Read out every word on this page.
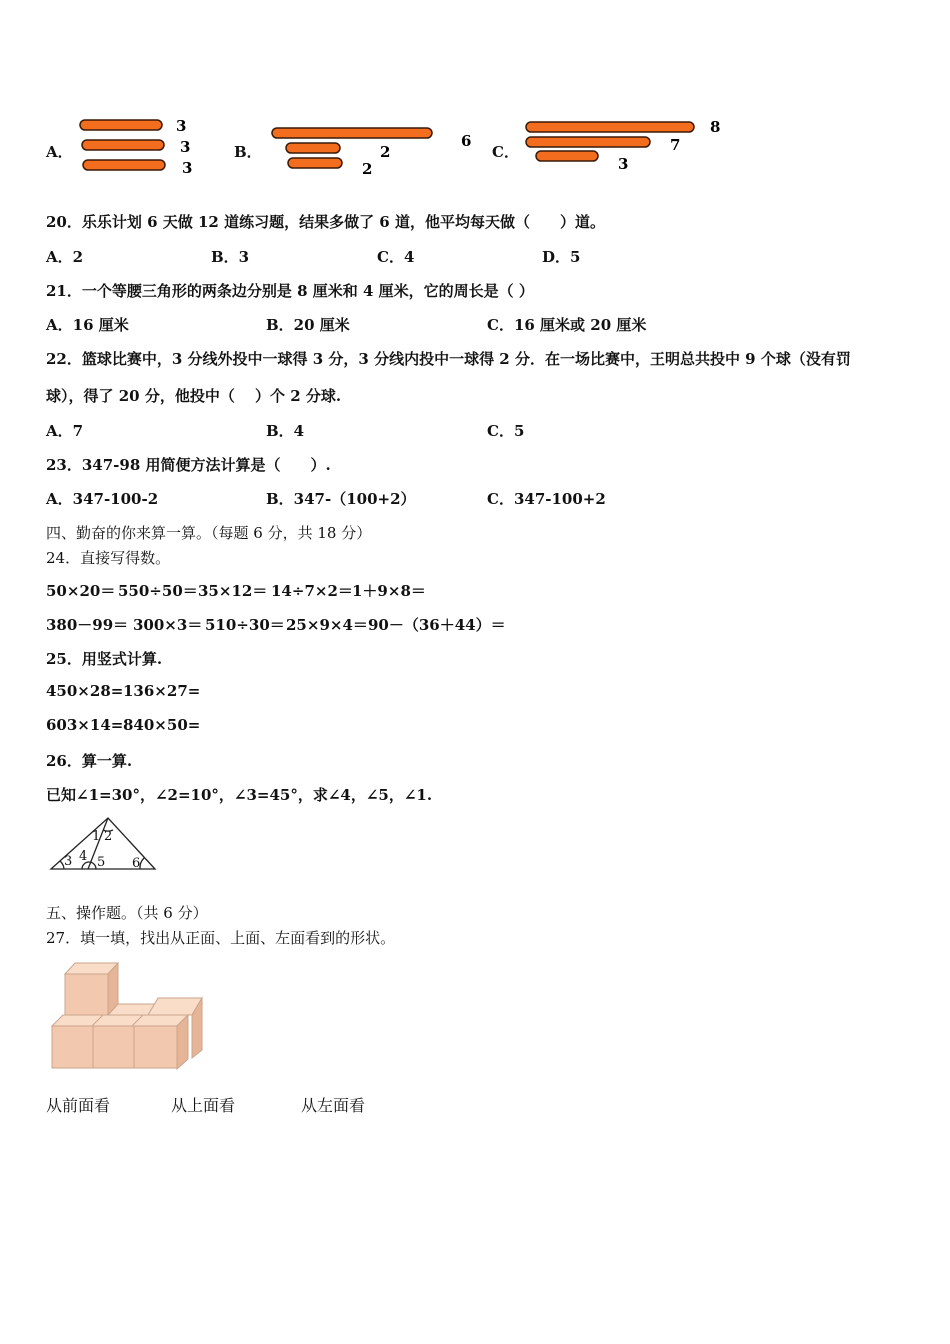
A．
3
3
3
B．
6
2
2
C．
8
7
3
20．乐乐计划 6 天做 12 道练习题，结果多做了 6 道，他平均每天做（　　）道。
A．2	B．3	C．4	D．5
21．一个等腰三角形的两条边分别是 8 厘米和 4 厘米，它的周长是（ ）
A．16 厘米	B．20 厘米	C．16 厘米或 20 厘米
22．篮球比赛中，3 分线外投中一球得 3 分，3 分线内投中一球得 2 分．在一场比赛中，王明总共投中 9 个球（没有罚
球），得了 20 分，他投中（　 ）个 2 分球.
A．7	B．4	C．5
23．347-98 用简便方法计算是（　　）.
A．347-100-2	B．347-（100+2）	C．347-100+2
四、勤奋的你来算一算。（每题 6 分，共 18 分）
24．直接写得数。
50×20＝ 550÷50＝ 35×12＝ 14÷7×2＝ 1＋9×8＝
380－99＝ 300×3＝ 510÷30＝ 25×9×4＝ 90－（36＋44）＝
25．用竖式计算.
450×28= 136×27=
603×14= 840×50=
26．算一算.
已知∠1=30°，∠2=10°，∠3=45°，求∠4，∠5，∠1.
1 2
3 4 5 6
五、操作题。（共 6 分）
27．填一填，找出从正面、上面、左面看到的形状。
从前面看	从上面看	从左面看
